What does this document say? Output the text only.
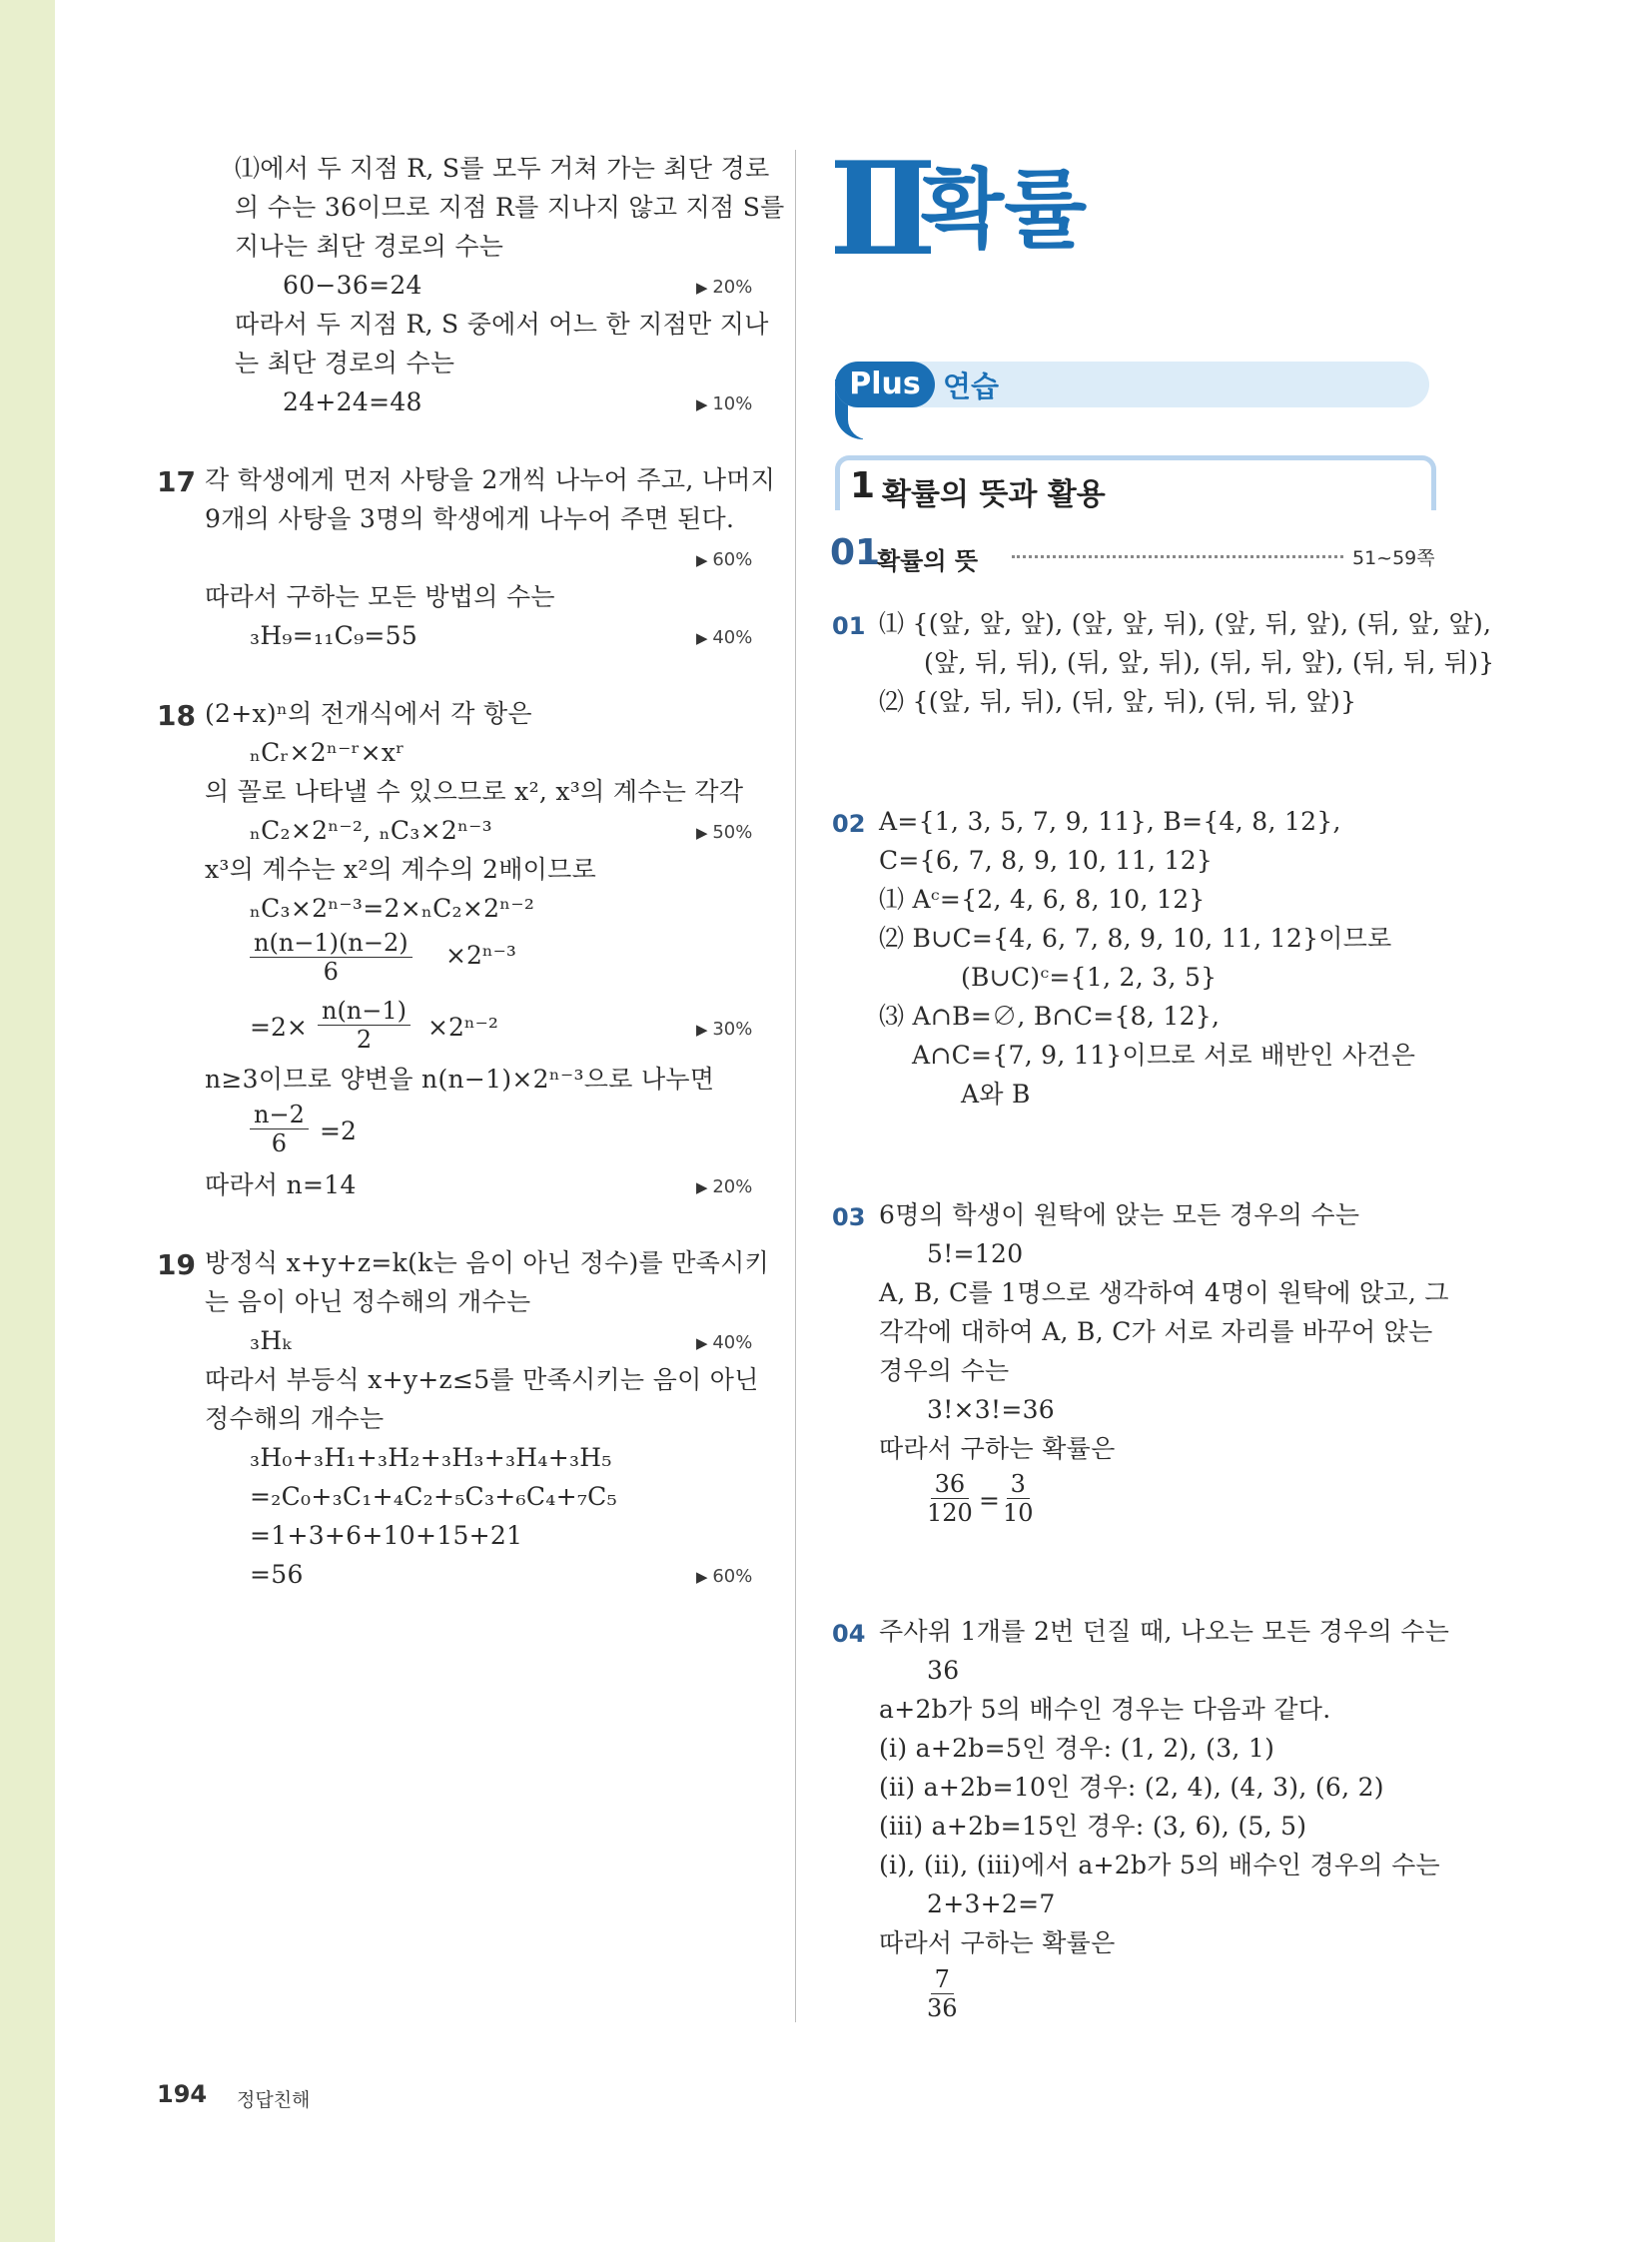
⑴에서 두 지점 R, S를 모두 거쳐 가는 최단 경로
의 수는 36이므로 지점 R를 지나지 않고 지점 S를
지나는 최단 경로의 수는
60−36=24	▶ 20%
따라서 두 지점 R, S 중에서 어느 한 지점만 지나
는 최단 경로의 수는
24+24=48	▶ 10%
17 각 학생에게 먼저 사탕을 2개씩 나누어 주고, 나머지
9개의 사탕을 3명의 학생에게 나누어 주면 된다.
▶ 60%
따라서 구하는 모든 방법의 수는
₃H₉=₁₁C₉=55	▶ 40%
18 (2+x)ⁿ의 전개식에서 각 항은
ₙCᵣ×2ⁿ⁻ʳ×xʳ
의 꼴로 나타낼 수 있으므로 x², x³의 계수는 각각
ₙC₂×2ⁿ⁻², ₙC₃×2ⁿ⁻³	▶ 50%
x³의 계수는 x²의 계수의 2배이므로
ₙC₃×2ⁿ⁻³=2×ₙC₂×2ⁿ⁻²
$\frac{n(n-1)(n-2)}{6} \times 2^{n-3}$
$=2\times \frac{n(n-1)}{2} \times 2^{n-2}$	▶ 30%
n≥3이므로 양변을 n(n−1)×2ⁿ⁻³으로 나누면
$\frac{n-2}{6} =2$
따라서 n=14	▶ 20%
19 방정식 x+y+z=k(k는 음이 아닌 정수)를 만족시키
는 음이 아닌 정수해의 개수는
₃Hₖ	▶ 40%
따라서 부등식 x+y+z≤5를 만족시키는 음이 아닌
정수해의 개수는
₃H₀+₃H₁+₃H₂+₃H₃+₃H₄+₃H₅
=₂C₀+₃C₁+₄C₂+₅C₃+₆C₄+₇C₅
=1+3+6+10+15+21
=56	▶ 60%
Ⅱ
확률
Plus 연습
1 확률의 뜻과 활용
01
확률의 뜻	51~59쪽
01 ⑴ {(앞, 앞, 앞), (앞, 앞, 뒤), (앞, 뒤, 앞), (뒤, 앞, 앞),
(앞, 뒤, 뒤), (뒤, 앞, 뒤), (뒤, 뒤, 앞), (뒤, 뒤, 뒤)}
⑵ {(앞, 뒤, 뒤), (뒤, 앞, 뒤), (뒤, 뒤, 앞)}
02 A={1, 3, 5, 7, 9, 11}, B={4, 8, 12},
C={6, 7, 8, 9, 10, 11, 12}
⑴ Aᶜ={2, 4, 6, 8, 10, 12}
⑵ B∪C={4, 6, 7, 8, 9, 10, 11, 12}이므로
(B∪C)ᶜ={1, 2, 3, 5}
⑶ A∩B=∅, B∩C={8, 12},
A∩C={7, 9, 11}이므로 서로 배반인 사건은
A와 B
03 6명의 학생이 원탁에 앉는 모든 경우의 수는
5!=120
A, B, C를 1명으로 생각하여 4명이 원탁에 앉고, 그
각각에 대하여 A, B, C가 서로 자리를 바꾸어 앉는
경우의 수는
3!×3!=36
따라서 구하는 확률은
$\frac{36}{120} = \frac{3}{10}$
04 주사위 1개를 2번 던질 때, 나오는 모든 경우의 수는
36
a+2b가 5의 배수인 경우는 다음과 같다.
(ⅰ) a+2b=5인 경우: (1, 2), (3, 1)
(ⅱ) a+2b=10인 경우: (2, 4), (4, 3), (6, 2)
(ⅲ) a+2b=15인 경우: (3, 6), (5, 5)
(ⅰ), (ⅱ), (ⅲ)에서 a+2b가 5의 배수인 경우의 수는
2+3+2=7
따라서 구하는 확률은
$\frac{7}{36}$
194 정답친해
